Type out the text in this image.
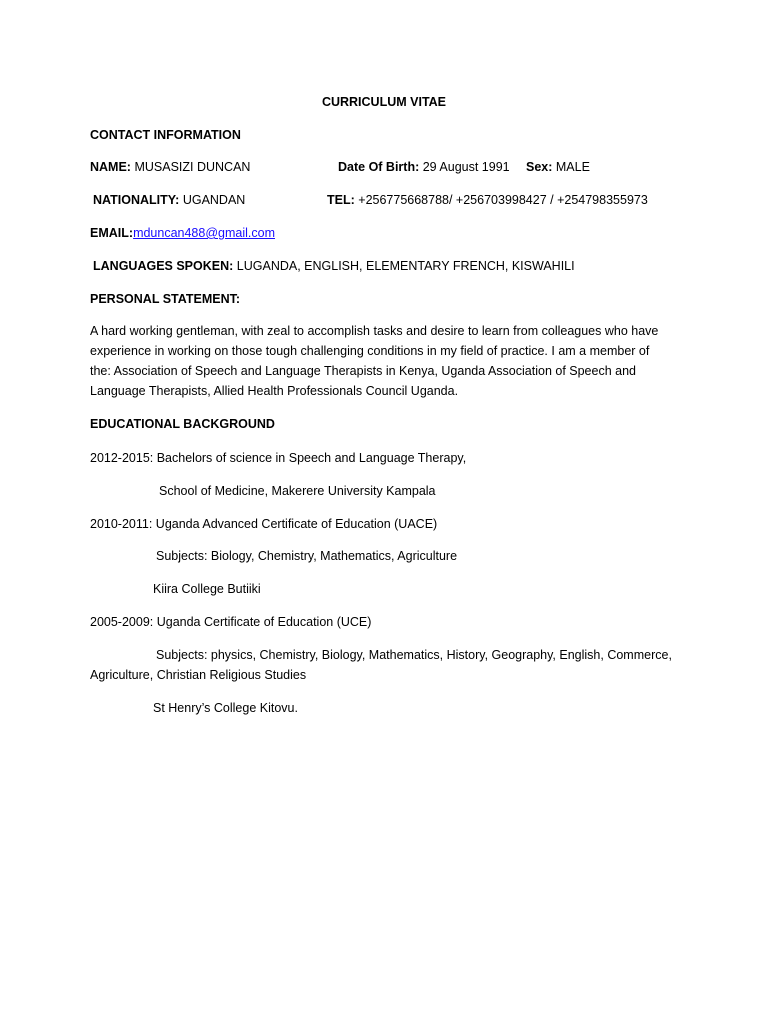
CURRICULUM VITAE
CONTACT INFORMATION
NAME: MUSASIZI DUNCAN	Date Of Birth: 29 August 1991 Sex: MALE
NATIONALITY: UGANDAN	TEL: +256775668788/ +256703998427 / +254798355973
EMAIL:mduncan488@gmail.com
LANGUAGES SPOKEN: LUGANDA, ENGLISH, ELEMENTARY FRENCH, KISWAHILI
PERSONAL STATEMENT:
A hard working gentleman, with zeal to accomplish tasks and desire to learn from colleagues who have
experience in working on those tough challenging conditions in my field of practice. I am a member of
the: Association of Speech and Language Therapists in Kenya, Uganda Association of Speech and
Language Therapists, Allied Health Professionals Council Uganda.
EDUCATIONAL BACKGROUND
2012-2015: Bachelors of science in Speech and Language Therapy,
School of Medicine, Makerere University Kampala
2010-2011: Uganda Advanced Certificate of Education (UACE)
Subjects: Biology, Chemistry, Mathematics, Agriculture
Kiira College Butiiki
2005-2009: Uganda Certificate of Education (UCE)
Subjects: physics, Chemistry, Biology, Mathematics, History, Geography, English, Commerce,
Agriculture, Christian Religious Studies
St Henry’s College Kitovu.
